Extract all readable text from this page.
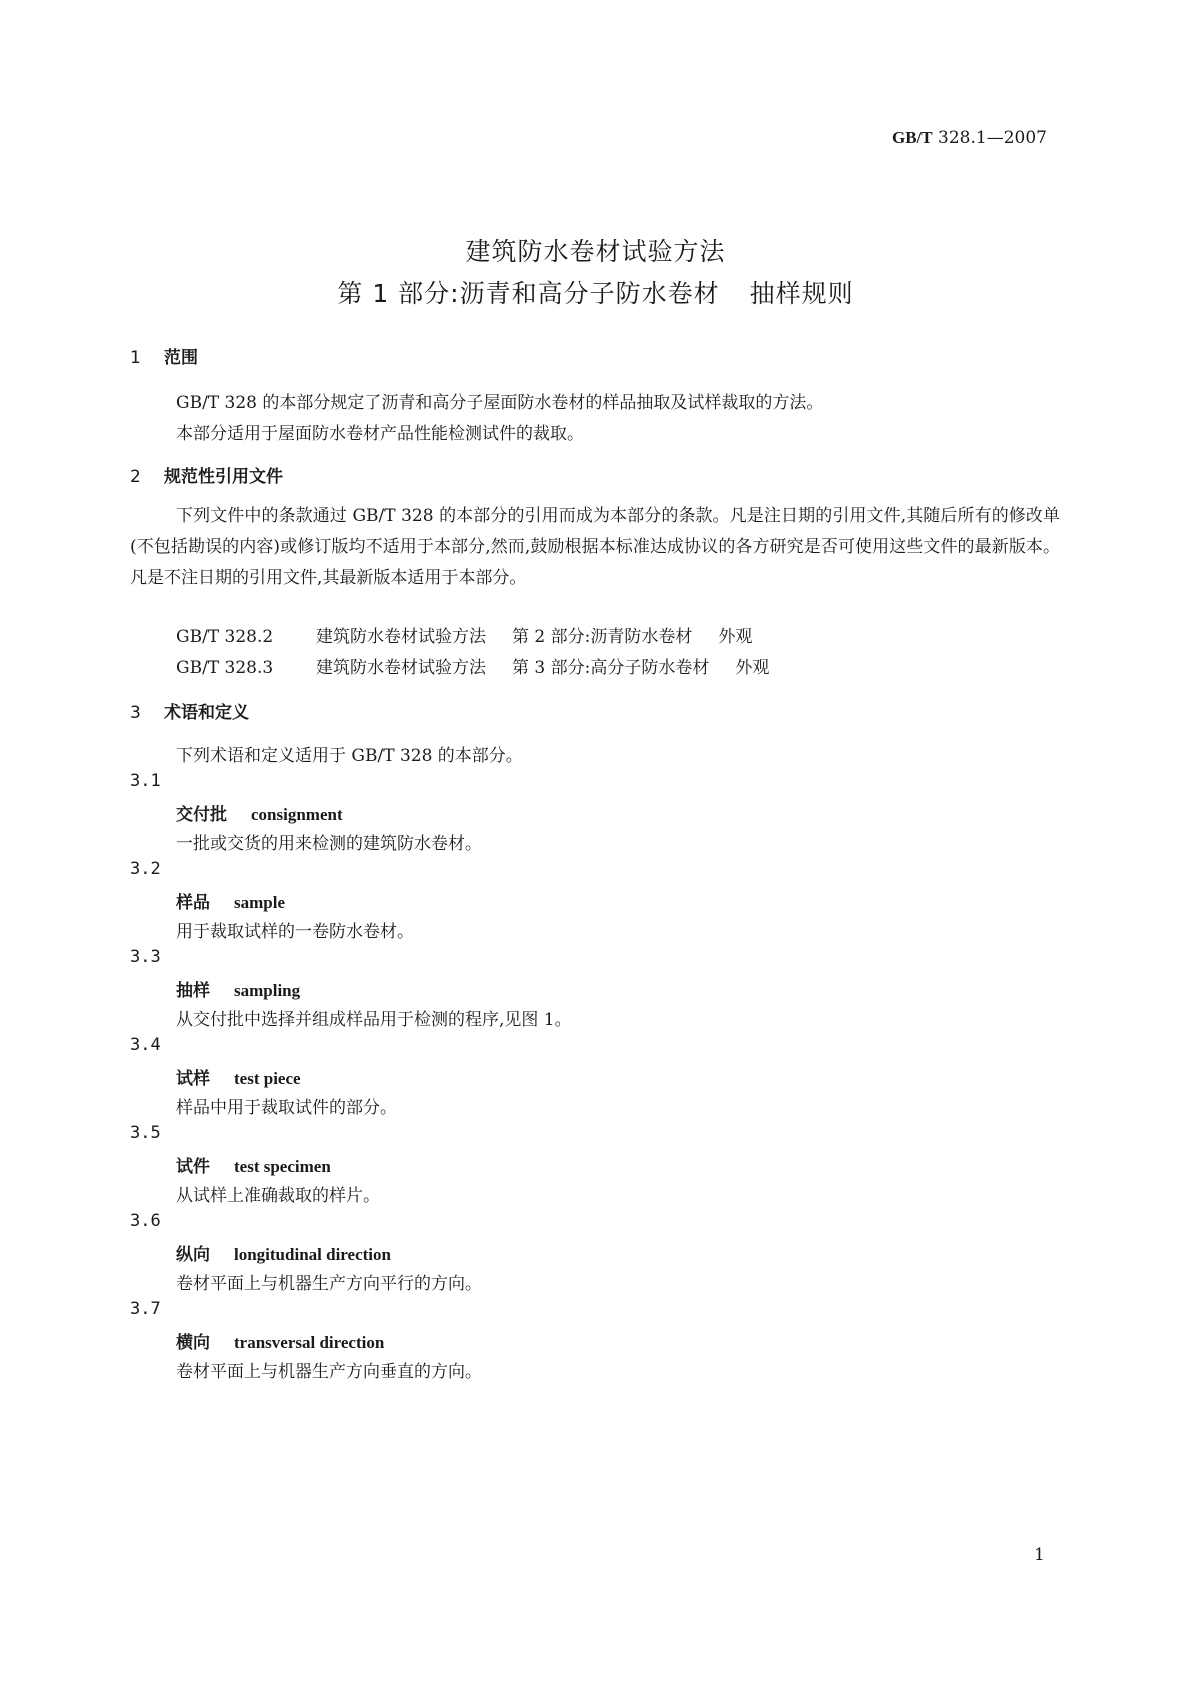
GB/T 328.1—2007
建筑防水卷材试验方法
第 1 部分:沥青和高分子防水卷材 抽样规则
1 范围
GB/T 328 的本部分规定了沥青和高分子屋面防水卷材的样品抽取及试样裁取的方法。
本部分适用于屋面防水卷材产品性能检测试件的裁取。
2 规范性引用文件
下列文件中的条款通过 GB/T 328 的本部分的引用而成为本部分的条款。凡是注日期的引用文件,其随后所有的修改单(不包括勘误的内容)或修订版均不适用于本部分,然而,鼓励根据本标准达成协议的各方研究是否可使用这些文件的最新版本。凡是不注日期的引用文件,其最新版本适用于本部分。
GB/T 328.2	建筑防水卷材试验方法 第 2 部分:沥青防水卷材 外观
GB/T 328.3	建筑防水卷材试验方法 第 3 部分:高分子防水卷材 外观
3 术语和定义
下列术语和定义适用于 GB/T 328 的本部分。
3.1
交付批 consignment
一批或交货的用来检测的建筑防水卷材。
3.2
样品 sample
用于裁取试样的一卷防水卷材。
3.3
抽样 sampling
从交付批中选择并组成样品用于检测的程序,见图 1。
3.4
试样 test piece
样品中用于裁取试件的部分。
3.5
试件 test specimen
从试样上准确裁取的样片。
3.6
纵向 longitudinal direction
卷材平面上与机器生产方向平行的方向。
3.7
横向 transversal direction
卷材平面上与机器生产方向垂直的方向。
1
